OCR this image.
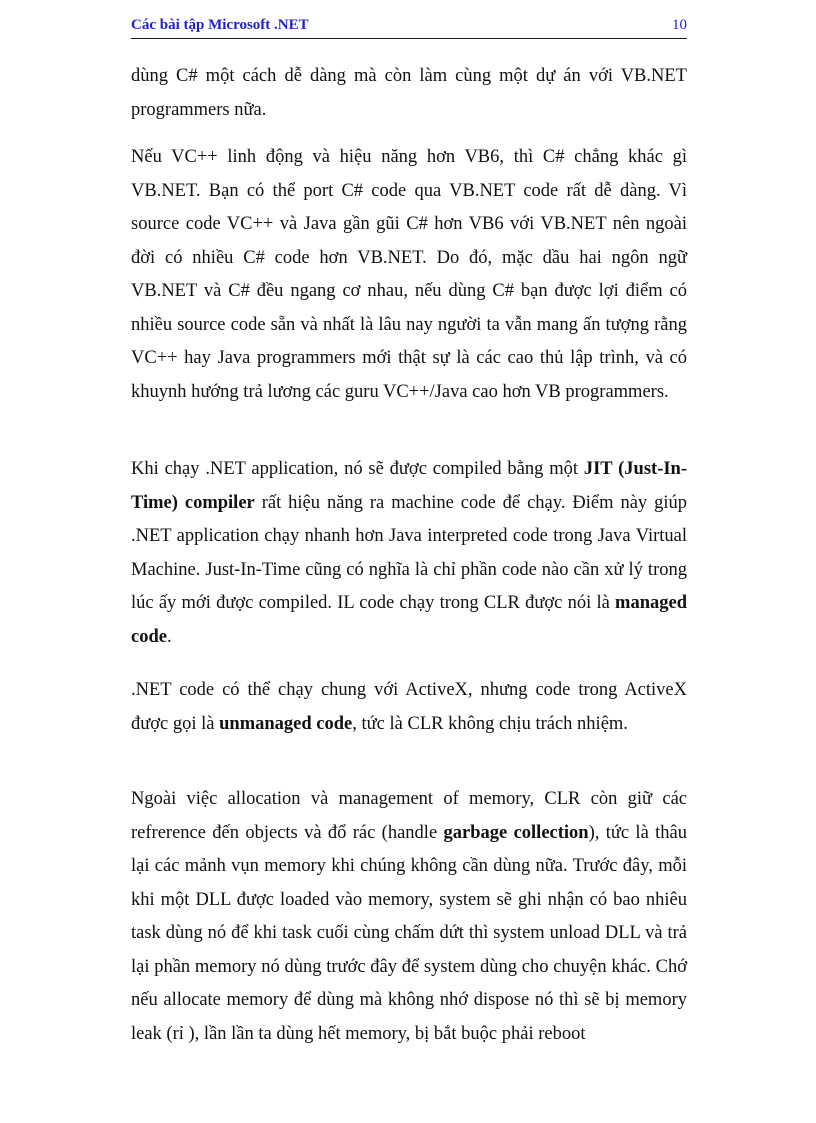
Các bài tập Microsoft .NET	10

dùng C# một cách dễ dàng mà còn làm cùng một dự án với VB.NET programmers nữa.

Nếu VC++ linh động và hiệu năng hơn VB6, thì C# chẳng khác gì VB.NET. Bạn có thể port C# code qua VB.NET code rất dễ dàng. Vì source code VC++ và Java gần gũi C# hơn VB6 với VB.NET nên ngoài đời có nhiều C# code hơn VB.NET. Do đó, mặc dầu hai ngôn ngữ VB.NET và C# đều ngang cơ nhau, nếu dùng C# bạn được lợi điểm có nhiều source code sẵn và nhất là lâu nay người ta vẫn mang ấn tượng rằng VC++ hay Java programmers mới thật sự là các cao thủ lập trình, và có khuynh hướng trả lương các guru VC++/Java cao hơn VB programmers.

Khi chạy .NET application, nó sẽ được compiled bằng một JIT (Just-In-Time) compiler rất hiệu năng ra machine code để chạy. Điểm này giúp .NET application chạy nhanh hơn Java interpreted code trong Java Virtual Machine. Just-In-Time cũng có nghĩa là chỉ phần code nào cần xử lý trong lúc ấy mới được compiled. IL code chạy trong CLR được nói là managed code.

.NET code có thể chạy chung với ActiveX, nhưng code trong ActiveX được gọi là unmanaged code, tức là CLR không chịu trách nhiệm.

Ngoài việc allocation và management of memory, CLR còn giữ các refrerence đến objects và đổ rác (handle garbage collection), tức là thâu lại các mảnh vụn memory khi chúng không cần dùng nữa. Trước đây, mỗi khi một DLL được loaded vào memory, system sẽ ghi nhận có bao nhiêu task dùng nó để khi task cuối cùng chấm dứt thì system unload DLL và trả lại phần memory nó dùng trước đây để system dùng cho chuyện khác. Chớ nếu allocate memory để dùng mà không nhớ dispose nó thì sẽ bị memory leak (rỉ ), lần lần ta dùng hết memory, bị bắt buộc phải reboot
